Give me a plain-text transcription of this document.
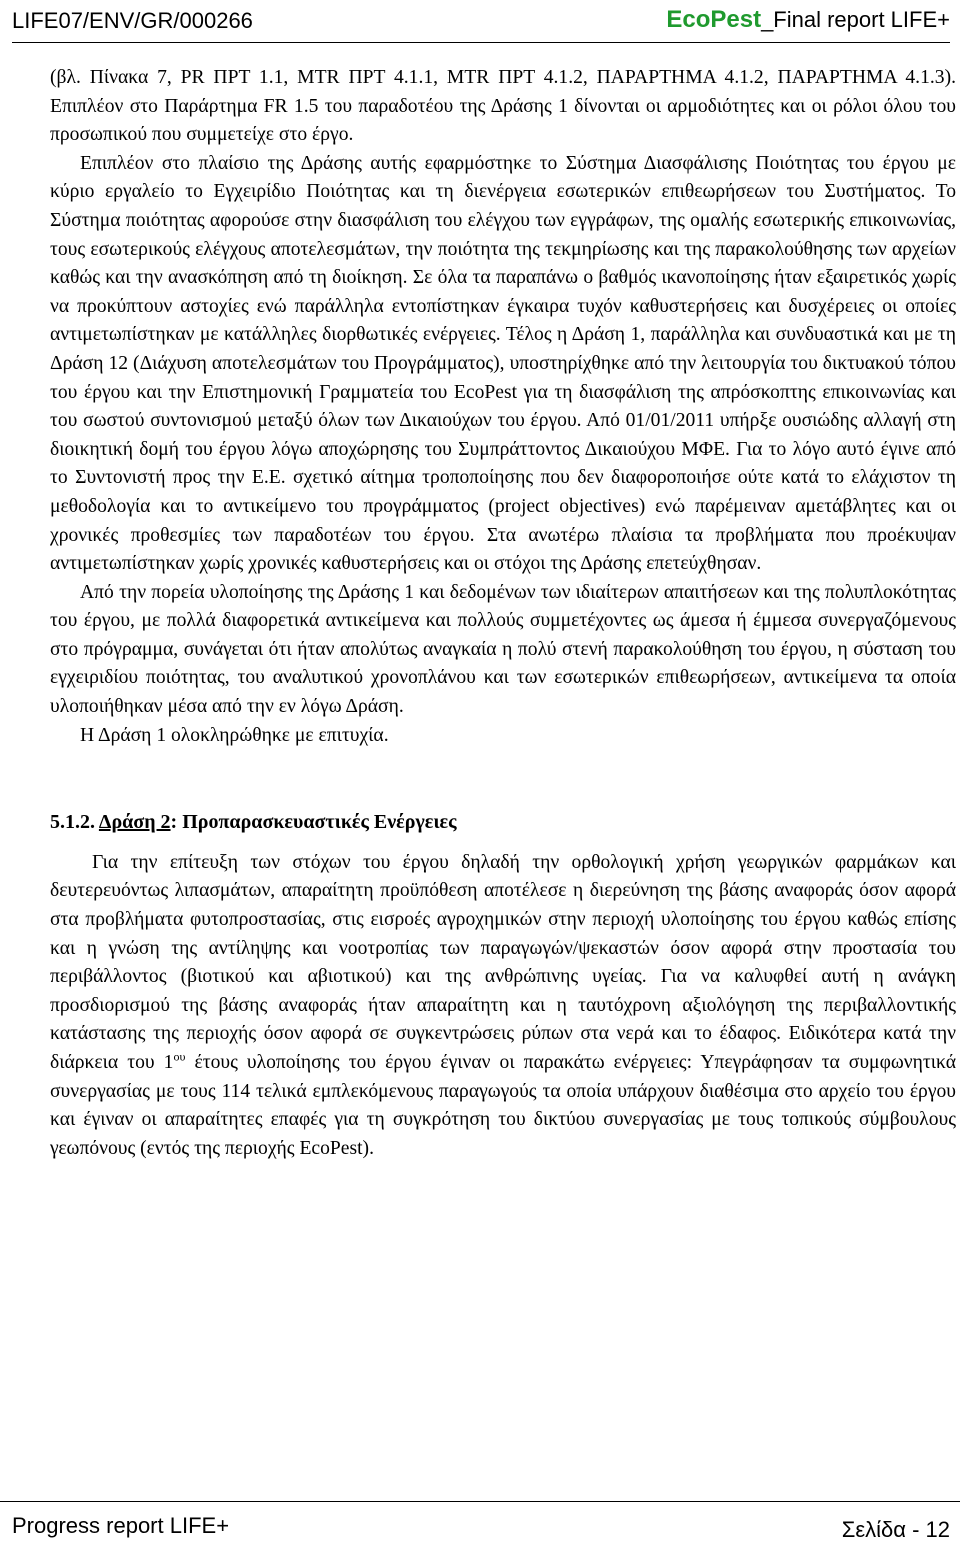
LIFE07/ENV/GR/000266	EcoPest_Final report LIFE+

(βλ. Πίνακα 7, PR ΠΡΤ 1.1, MTR ΠΡΤ 4.1.1, MTR ΠΡΤ 4.1.2, ΠΑΡΑΡΤΗΜΑ 4.1.2, ΠΑΡΑΡΤΗΜΑ 4.1.3). Επιπλέον στο Παράρτημα FR 1.5 του παραδοτέου της Δράσης 1 δίνονται οι αρμοδιότητες και οι ρόλοι όλου του προσωπικού που συμμετείχε στο έργο.

Επιπλέον στο πλαίσιο της Δράσης αυτής εφαρμόστηκε το Σύστημα Διασφάλισης Ποιότητας του έργου με κύριο εργαλείο το Εγχειρίδιο Ποιότητας και τη διενέργεια εσωτερικών επιθεωρήσεων του Συστήματος. Το Σύστημα ποιότητας αφορούσε στην διασφάλιση του ελέγχου των εγγράφων, της ομαλής εσωτερικής επικοινωνίας, τους εσωτερικούς ελέγχους αποτελεσμάτων, την ποιότητα της τεκμηρίωσης και της παρακολούθησης των αρχείων καθώς και την ανασκόπηση από τη διοίκηση. Σε όλα τα παραπάνω ο βαθμός ικανοποίησης ήταν εξαιρετικός χωρίς να προκύπτουν αστοχίες ενώ παράλληλα εντοπίστηκαν έγκαιρα τυχόν καθυστερήσεις και δυσχέρειες οι οποίες αντιμετωπίστηκαν με κατάλληλες διορθωτικές ενέργειες. Τέλος η Δράση 1, παράλληλα και συνδυαστικά και με τη Δράση 12 (Διάχυση αποτελεσμάτων του Προγράμματος), υποστηρίχθηκε από την λειτουργία του δικτυακού τόπου του έργου και την Επιστημονική Γραμματεία του EcoPest για τη διασφάλιση της απρόσκοπτης επικοινωνίας και του σωστού συντονισμού μεταξύ όλων των Δικαιούχων του έργου. Από 01/01/2011 υπήρξε ουσιώδης αλλαγή στη διοικητική δομή του έργου λόγω αποχώρησης του Συμπράττοντος Δικαιούχου ΜΦΕ. Για το λόγο αυτό έγινε από το Συντονιστή προς την Ε.Ε. σχετικό αίτημα τροποποίησης που δεν διαφοροποιήσε ούτε κατά το ελάχιστον τη μεθοδολογία και το αντικείμενο του προγράμματος (project objectives) ενώ παρέμειναν αμετάβλητες και οι χρονικές προθεσμίες των παραδοτέων του έργου. Στα ανωτέρω πλαίσια τα προβλήματα που προέκυψαν αντιμετωπίστηκαν χωρίς χρονικές καθυστερήσεις και οι στόχοι της Δράσης επετεύχθησαν.

Από την πορεία υλοποίησης της Δράσης 1 και δεδομένων των ιδιαίτερων απαιτήσεων και της πολυπλοκότητας του έργου, με πολλά διαφορετικά αντικείμενα και πολλούς συμμετέχοντες ως άμεσα ή έμμεσα συνεργαζόμενους στο πρόγραμμα, συνάγεται ότι ήταν απολύτως αναγκαία η πολύ στενή παρακολούθηση του έργου, η σύσταση του εγχειριδίου ποιότητας, του αναλυτικού χρονοπλάνου και των εσωτερικών επιθεωρήσεων, αντικείμενα τα οποία υλοποιήθηκαν μέσα από την εν λόγω Δράση.

Η Δράση 1 ολοκληρώθηκε με επιτυχία.

5.1.2. Δράση 2: Προπαρασκευαστικές Ενέργειες

Για την επίτευξη των στόχων του έργου δηλαδή την ορθολογική χρήση γεωργικών φαρμάκων και δευτερευόντως λιπασμάτων, απαραίτητη προϋπόθεση αποτέλεσε η διερεύνηση της βάσης αναφοράς όσον αφορά στα προβλήματα φυτοπροστασίας, στις εισροές αγροχημικών στην περιοχή υλοποίησης του έργου καθώς επίσης και η γνώση της αντίληψης και νοοτροπίας των παραγωγών/ψεκαστών όσον αφορά στην προστασία του περιβάλλοντος (βιοτικού και αβιοτικού) και της ανθρώπινης υγείας. Για να καλυφθεί αυτή η ανάγκη προσδιορισμού της βάσης αναφοράς ήταν απαραίτητη και η ταυτόχρονη αξιολόγηση της περιβαλλοντικής κατάστασης της περιοχής όσον αφορά σε συγκεντρώσεις ρύπων στα νερά και το έδαφος. Ειδικότερα κατά την διάρκεια του $1^{o\upsilon}$ έτους υλοποίησης του έργου έγιναν οι παρακάτω ενέργειες: Υπεγράφησαν τα συμφωνητικά συνεργασίας με τους 114 τελικά εμπλεκόμενους παραγωγούς τα οποία υπάρχουν διαθέσιμα στο αρχείο του έργου και έγιναν οι απαραίτητες επαφές για τη συγκρότηση του δικτύου συνεργασίας με τους τοπικούς σύμβουλους γεωπόνους (εντός της περιοχής EcoPest).

Progress report LIFE+	Σελίδα - 12
